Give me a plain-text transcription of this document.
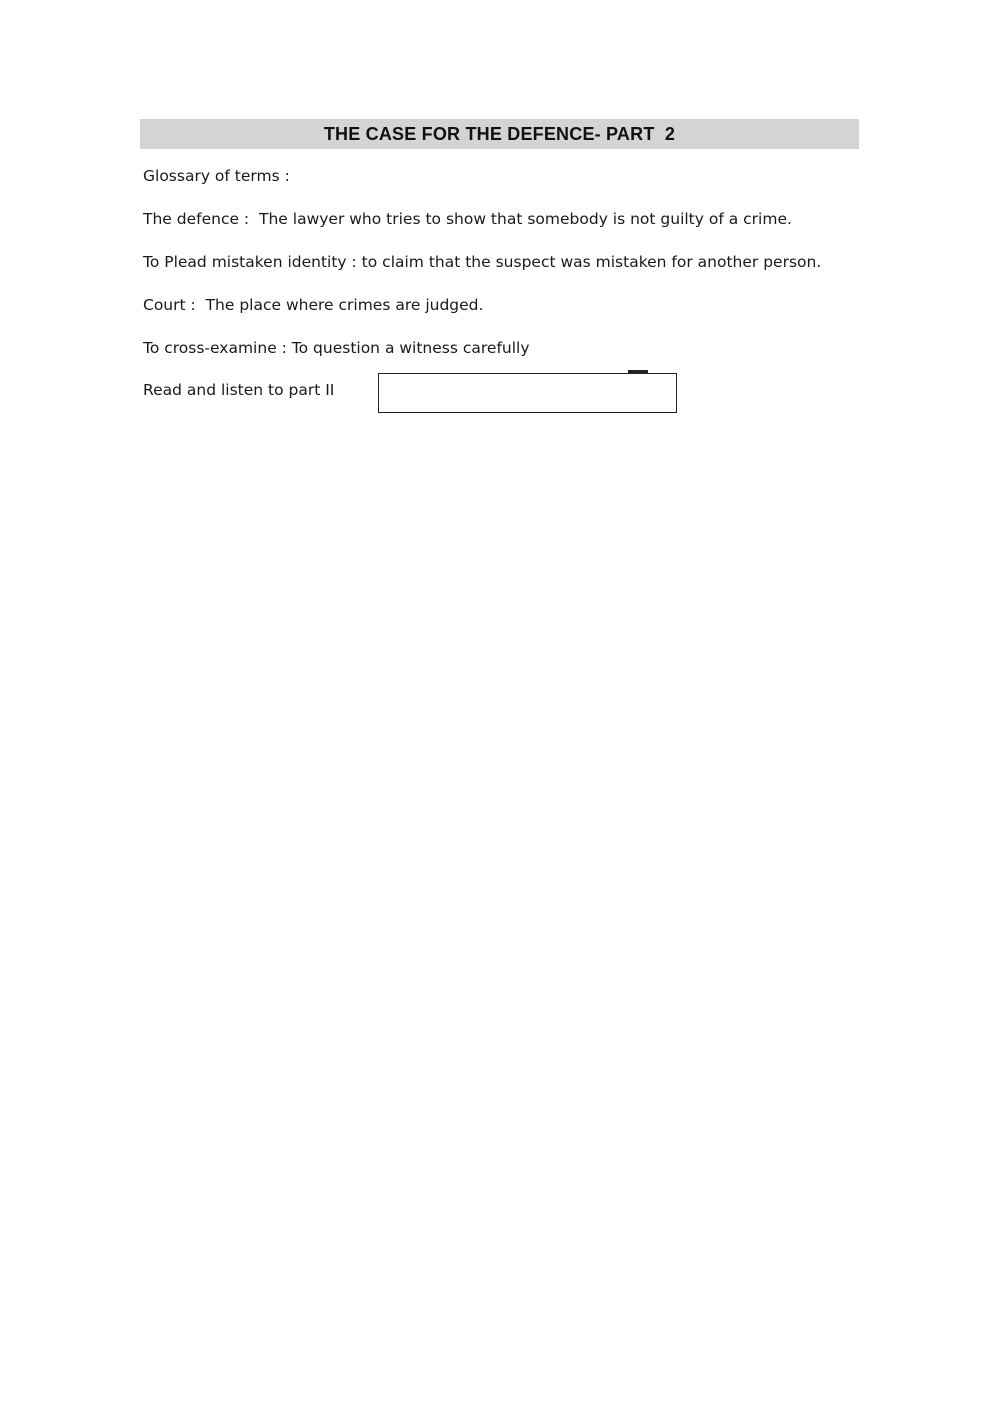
THE CASE FOR THE DEFENCE- PART  2
Glossary of terms :
The defence :  The lawyer who tries to show that somebody is not guilty of a crime.
To Plead mistaken identity : to claim that the suspect was mistaken for another person.
Court :  The place where crimes are judged.
To cross-examine : To question a witness carefully
Read and listen to part II
